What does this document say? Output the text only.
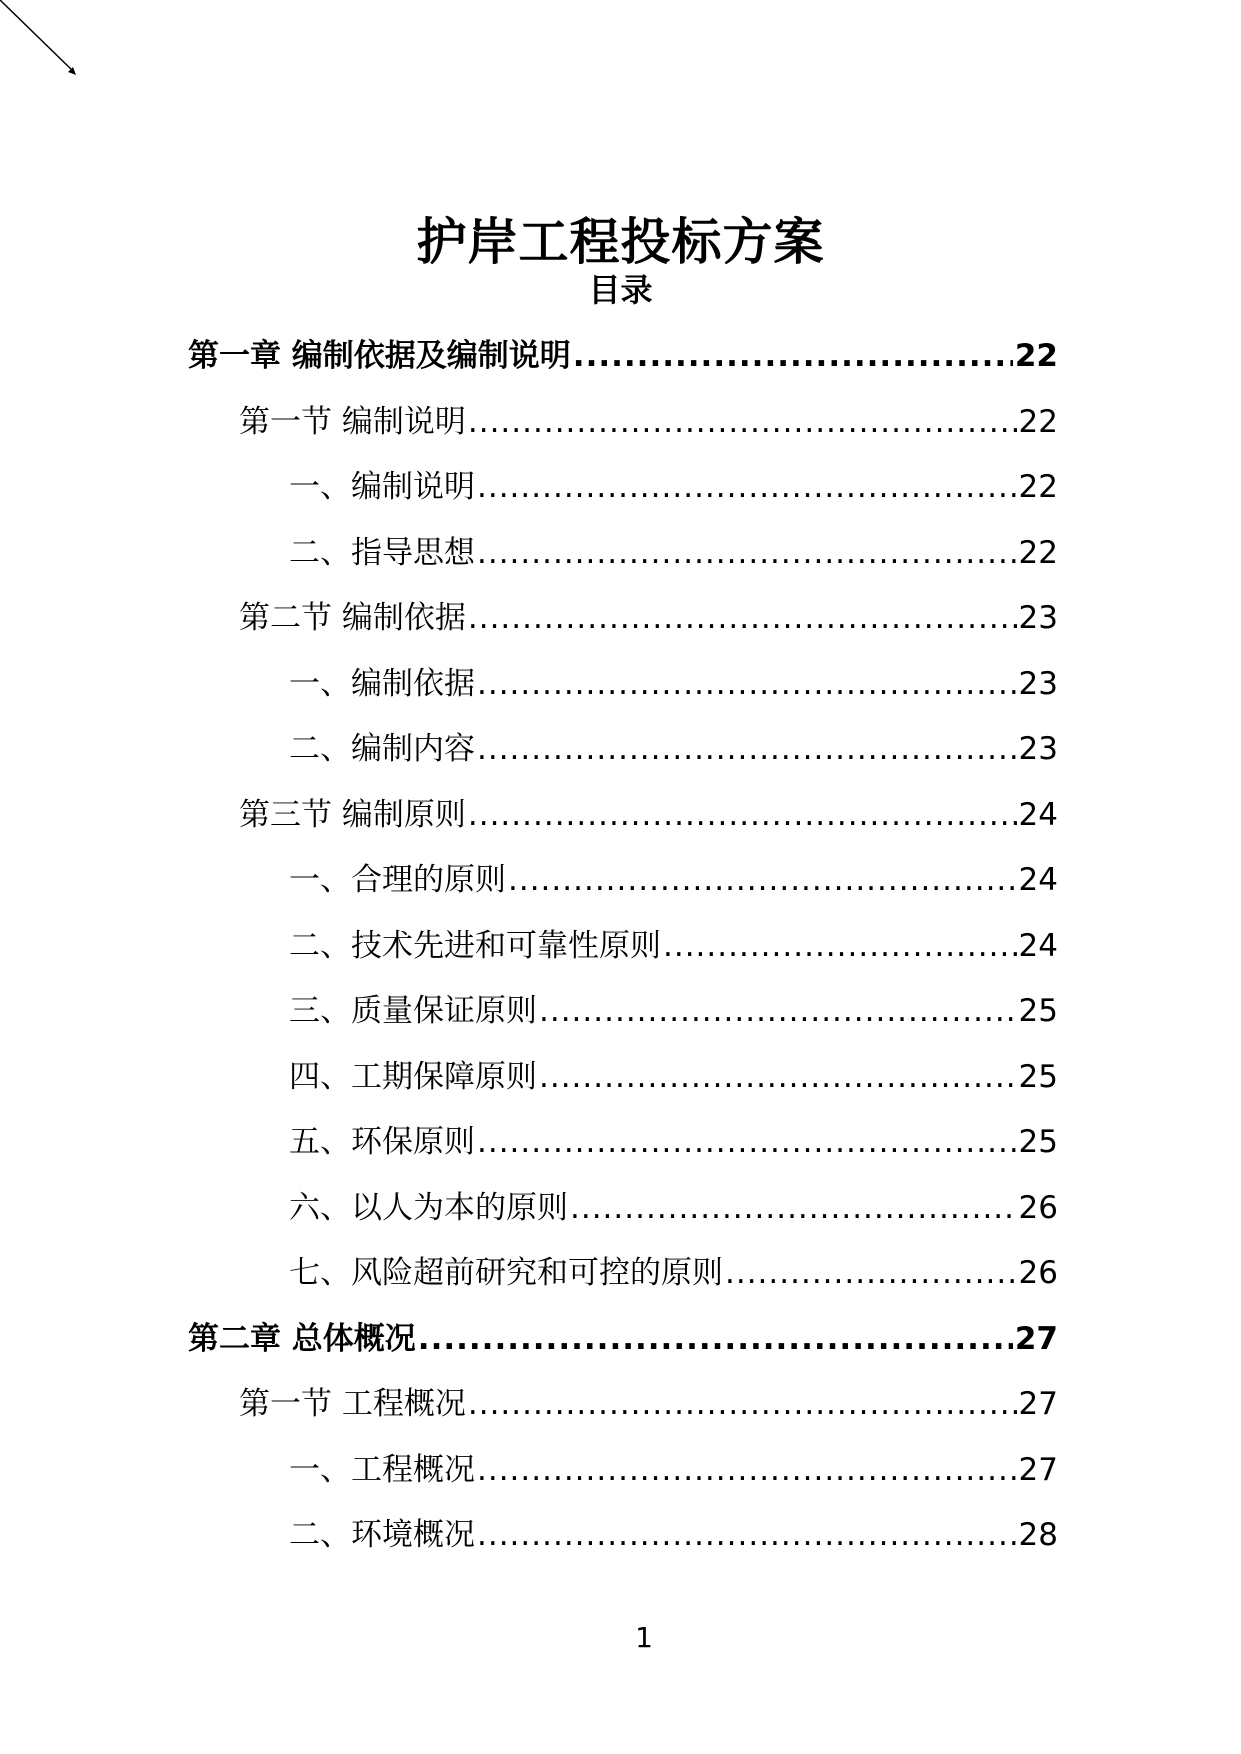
护岸工程投标方案
目录
第一章 编制依据及编制说明 .....	22
第一节 编制说明 .....	22
一、编制说明 .....	22
二、指导思想 .....	22
第二节 编制依据 .....	23
一、编制依据 .....	23
二、编制内容 .....	23
第三节 编制原则 .....	24
一、合理的原则 .....	24
二、技术先进和可靠性原则 .....	24
三、质量保证原则 .....	25
四、工期保障原则 .....	25
五、环保原则 .....	25
六、以人为本的原则 .....	26
七、风险超前研究和可控的原则 .....	26
第二章 总体概况 .....	27
第一节 工程概况 .....	27
一、工程概况 .....	27
二、环境概况 .....	28
1
